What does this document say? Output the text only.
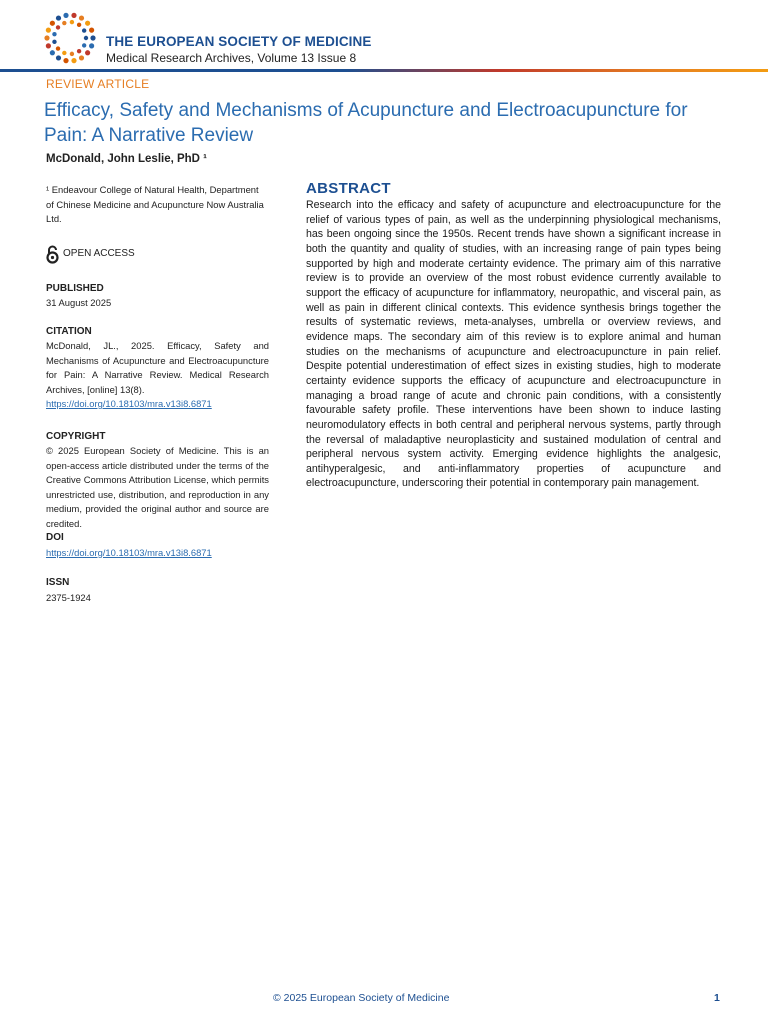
THE EUROPEAN SOCIETY OF MEDICINE
Medical Research Archives, Volume 13 Issue 8
REVIEW ARTICLE
Efficacy, Safety and Mechanisms of Acupuncture and Electroacupuncture for Pain: A Narrative Review
McDonald, John Leslie, PhD ¹

¹ Endeavour College of Natural Health, Department of Chinese Medicine and Acupuncture Now Australia Ltd.

OPEN ACCESS

PUBLISHED

31 August 2025

CITATION

McDonald, JL., 2025. Efficacy, Safety and Mechanisms of Acupuncture and Electroacupuncture for Pain: A Narrative Review. Medical Research Archives, [online] 13(8).

https://doi.org/10.18103/mra.v13i8.6871

COPYRIGHT

© 2025 European Society of Medicine. This is an open-access article distributed under the terms of the Creative Commons Attribution License, which permits unrestricted use, distribution, and reproduction in any medium, provided the original author and source are credited.

DOI

https://doi.org/10.18103/mra.v13i8.6871

ISSN

2375-1924

ABSTRACT

Research into the efficacy and safety of acupuncture and electroacupuncture for the relief of various types of pain, as well as the underpinning physiological mechanisms, has been ongoing since the 1950s. Recent trends have shown a significant increase in both the quantity and quality of studies, with an increasing range of pain types being supported by high and moderate certainty evidence. The primary aim of this narrative review is to provide an overview of the most robust evidence currently available to support the efficacy of acupuncture for inflammatory, neuropathic, and visceral pain, as well as pain in different clinical contexts. This evidence synthesis brings together the results of systematic reviews, meta-analyses, umbrella or overview reviews, and evidence maps. The secondary aim of this review is to explore animal and human studies on the mechanisms of acupuncture and electroacupuncture in pain relief. Despite potential underestimation of effect sizes in existing studies, high to moderate certainty evidence supports the efficacy of acupuncture and electroacupuncture in managing a broad range of acute and chronic pain conditions, with a consistently favourable safety profile. These interventions have been shown to induce lasting neuromodulatory effects in both central and peripheral nervous systems, partly through the reversal of maladaptive neuroplasticity and sustained modulation of central and peripheral nervous system activity. Emerging evidence highlights the analgesic, antihyperalgesic, and anti-inflammatory properties of acupuncture and electroacupuncture, underscoring their potential in contemporary pain management.

© 2025 European Society of Medicine	1
